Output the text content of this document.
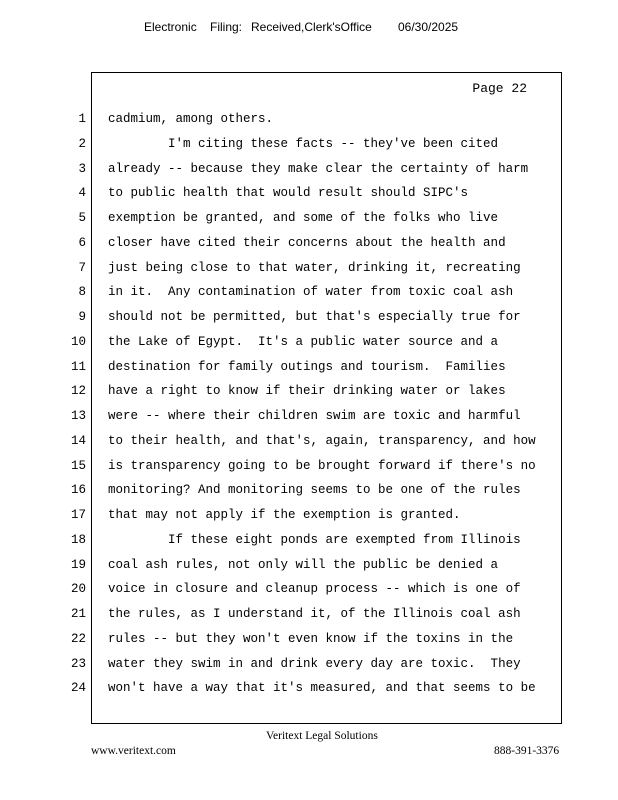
Electronic Filing: Received,Clerk'sOffice 06/30/2025
1 cadmium, among others.
2 I'm citing these facts -- they've been cited
3 already -- because they make clear the certainty of harm
4 to public health that would result should SIPC's
5 exemption be granted, and some of the folks who live
6 closer have cited their concerns about the health and
7 just being close to that water, drinking it, recreating
8 in it.  Any contamination of water from toxic coal ash
9 should not be permitted, but that's especially true for
10 the Lake of Egypt.  It's a public water source and a
11 destination for family outings and tourism.  Families
12 have a right to know if their drinking water or lakes
13 were -- where their children swim are toxic and harmful
14 to their health, and that's, again, transparency, and how
15 is transparency going to be brought forward if there's no
16 monitoring? And monitoring seems to be one of the rules
17 that may not apply if the exemption is granted.
18 If these eight ponds are exempted from Illinois
19 coal ash rules, not only will the public be denied a
20 voice in closure and cleanup process -- which is one of
21 the rules, as I understand it, of the Illinois coal ash
22 rules -- but they won't even know if the toxins in the
23 water they swim in and drink every day are toxic.  They
24 won't have a way that it's measured, and that seems to be
Page 22
Veritext Legal Solutions
www.veritext.com	888-391-3376
